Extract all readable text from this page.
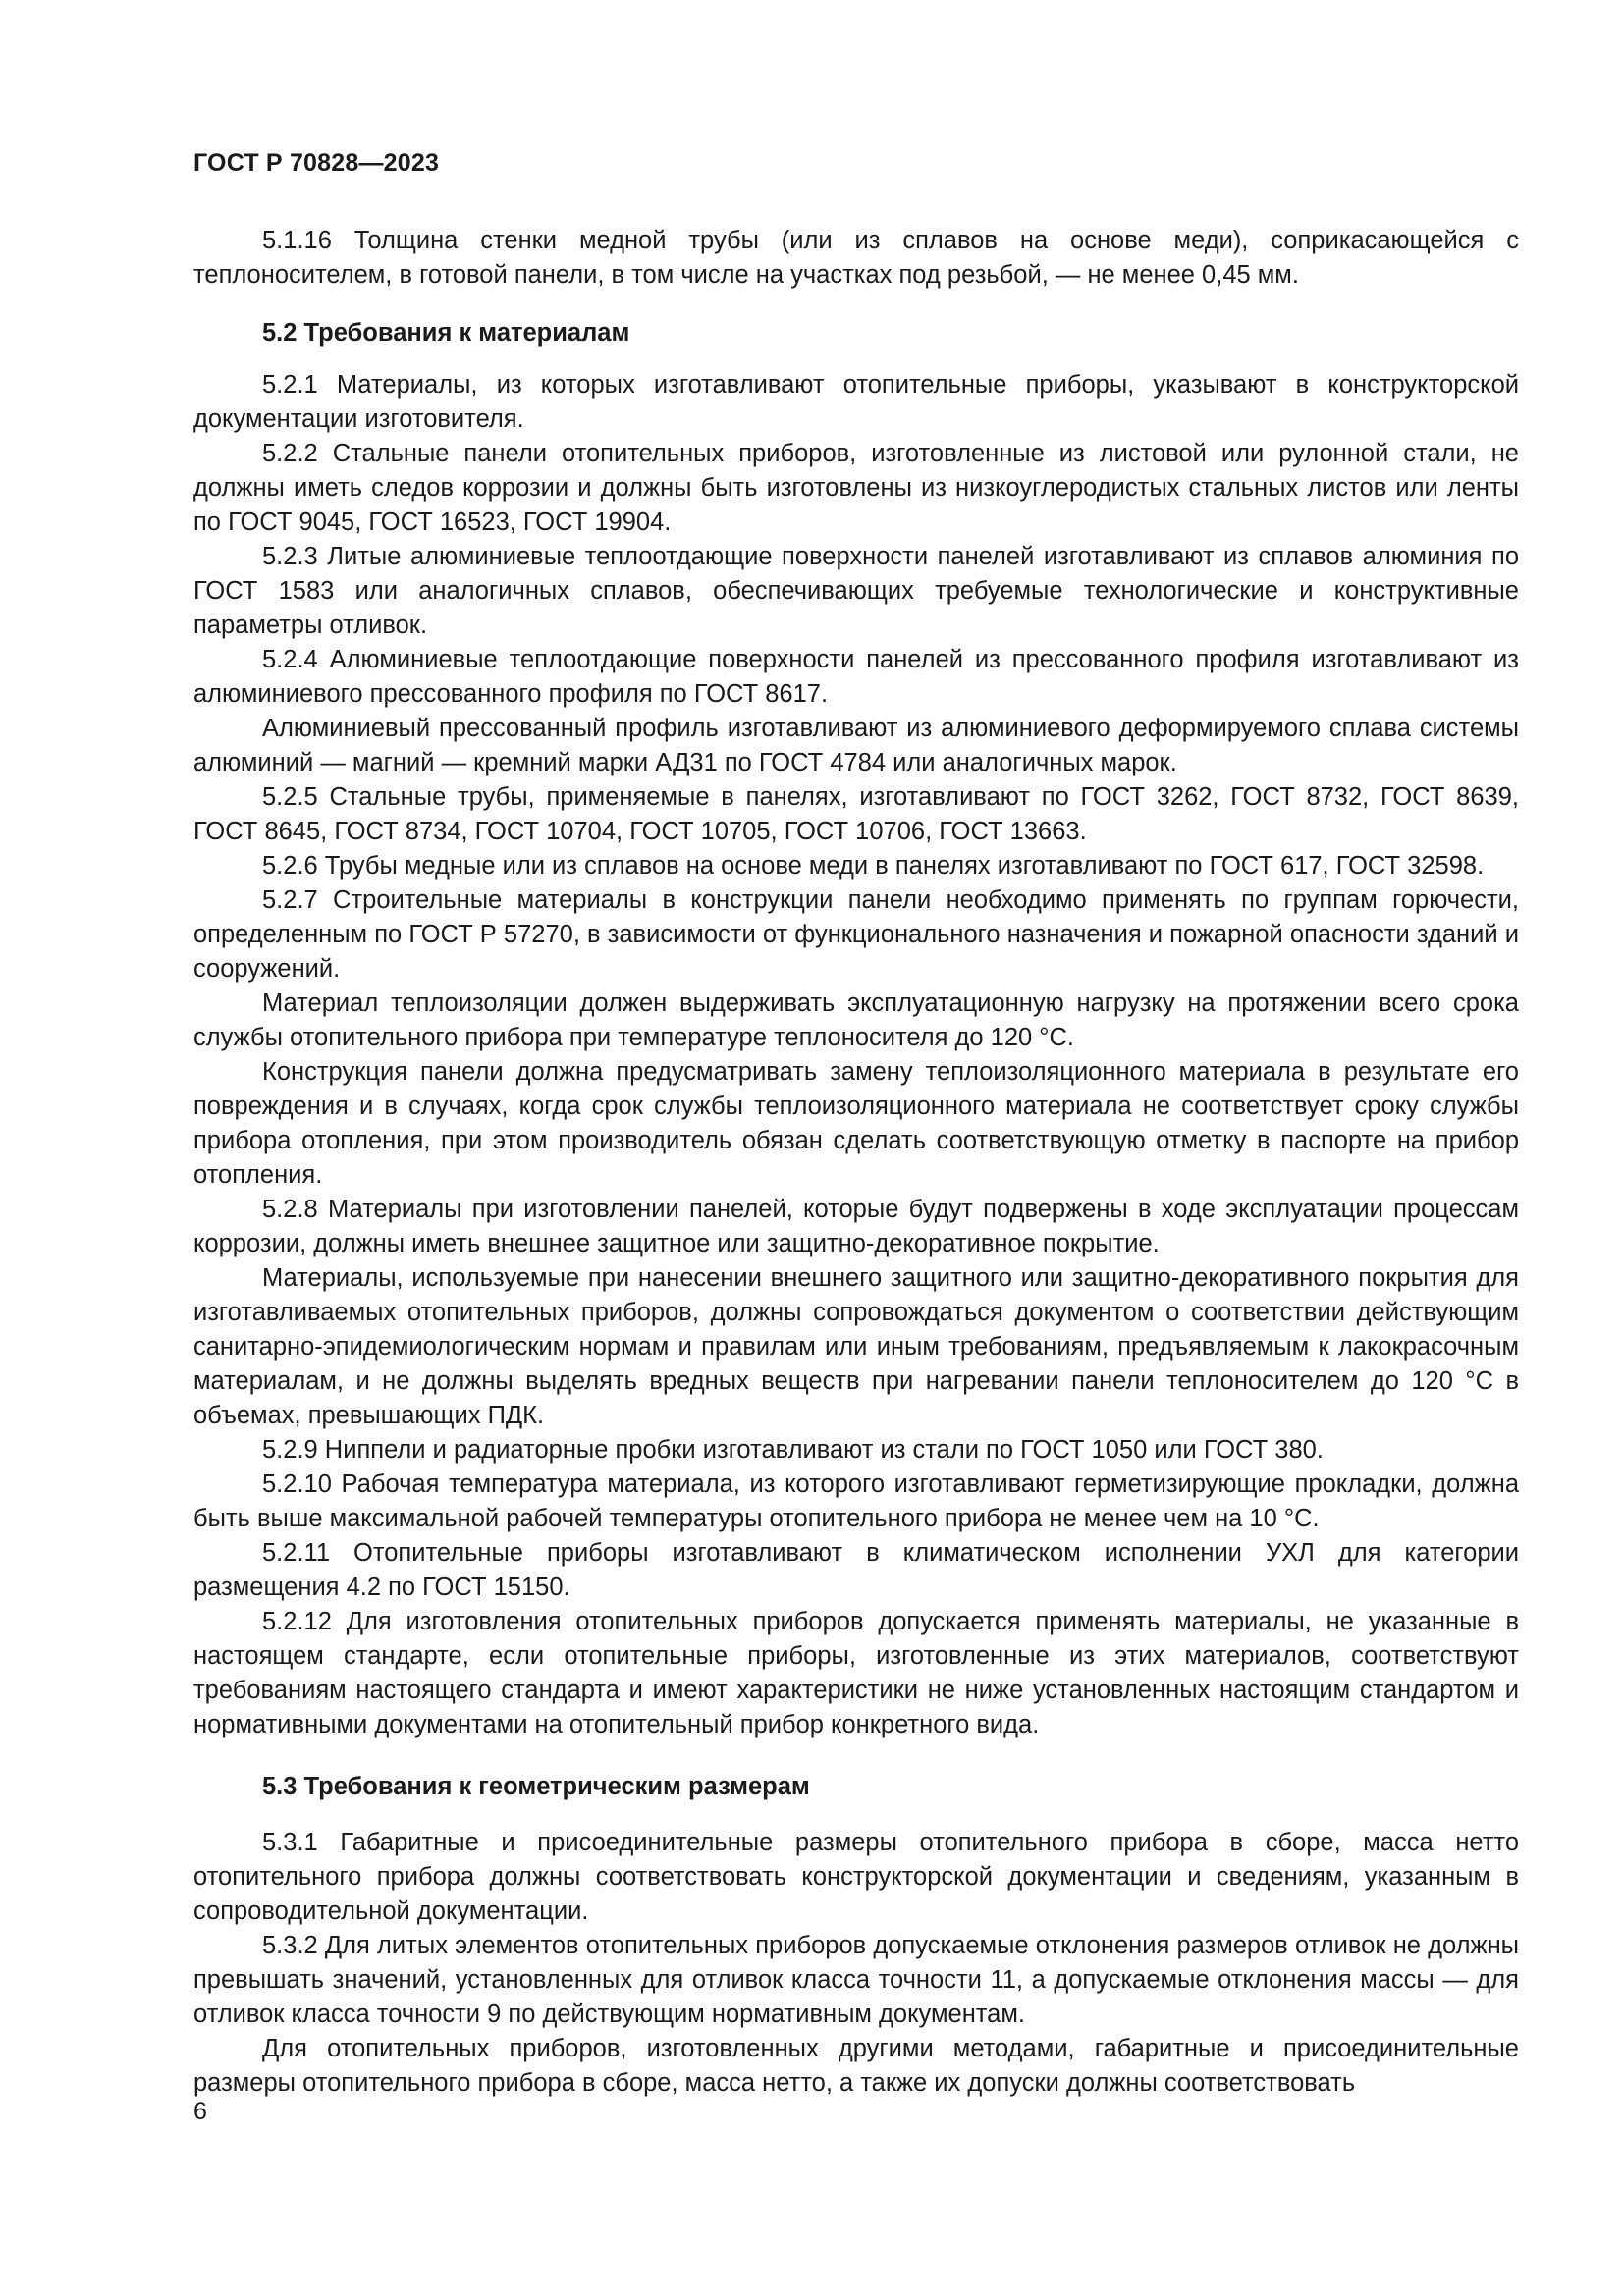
ГОСТ Р 70828—2023

5.1.16 Толщина стенки медной трубы (или из сплавов на основе меди), соприкасающейся с теплоносителем, в готовой панели, в том числе на участках под резьбой, — не менее 0,45 мм.

5.2 Требования к материалам

5.2.1 Материалы, из которых изготавливают отопительные приборы, указывают в конструкторской документации изготовителя.

5.2.2 Стальные панели отопительных приборов, изготовленные из листовой или рулонной стали, не должны иметь следов коррозии и должны быть изготовлены из низкоуглеродистых стальных листов или ленты по ГОСТ 9045, ГОСТ 16523, ГОСТ 19904.

5.2.3 Литые алюминиевые теплоотдающие поверхности панелей изготавливают из сплавов алюминия по ГОСТ 1583 или аналогичных сплавов, обеспечивающих требуемые технологические и конструктивные параметры отливок.

5.2.4 Алюминиевые теплоотдающие поверхности панелей из прессованного профиля изготавливают из алюминиевого прессованного профиля по ГОСТ 8617.

Алюминиевый прессованный профиль изготавливают из алюминиевого деформируемого сплава системы алюминий — магний — кремний марки АД31 по ГОСТ 4784 или аналогичных марок.

5.2.5 Стальные трубы, применяемые в панелях, изготавливают по ГОСТ 3262, ГОСТ 8732, ГОСТ 8639, ГОСТ 8645, ГОСТ 8734, ГОСТ 10704, ГОСТ 10705, ГОСТ 10706, ГОСТ 13663.

5.2.6 Трубы медные или из сплавов на основе меди в панелях изготавливают по ГОСТ 617, ГОСТ 32598.

5.2.7 Строительные материалы в конструкции панели необходимо применять по группам горючести, определенным по ГОСТ Р 57270, в зависимости от функционального назначения и пожарной опасности зданий и сооружений.

Материал теплоизоляции должен выдерживать эксплуатационную нагрузку на протяжении всего срока службы отопительного прибора при температуре теплоносителя до 120 °С.

Конструкция панели должна предусматривать замену теплоизоляционного материала в результате его повреждения и в случаях, когда срок службы теплоизоляционного материала не соответствует сроку службы прибора отопления, при этом производитель обязан сделать соответствующую отметку в паспорте на прибор отопления.

5.2.8 Материалы при изготовлении панелей, которые будут подвержены в ходе эксплуатации процессам коррозии, должны иметь внешнее защитное или защитно-декоративное покрытие.

Материалы, используемые при нанесении внешнего защитного или защитно-декоративного покрытия для изготавливаемых отопительных приборов, должны сопровождаться документом о соответствии действующим санитарно-эпидемиологическим нормам и правилам или иным требованиям, предъявляемым к лакокрасочным материалам, и не должны выделять вредных веществ при нагревании панели теплоносителем до 120 °С в объемах, превышающих ПДК.

5.2.9 Ниппели и радиаторные пробки изготавливают из стали по ГОСТ 1050 или ГОСТ 380.

5.2.10 Рабочая температура материала, из которого изготавливают герметизирующие прокладки, должна быть выше максимальной рабочей температуры отопительного прибора не менее чем на 10 °С.

5.2.11 Отопительные приборы изготавливают в климатическом исполнении УХЛ для категории размещения 4.2 по ГОСТ 15150.

5.2.12 Для изготовления отопительных приборов допускается применять материалы, не указанные в настоящем стандарте, если отопительные приборы, изготовленные из этих материалов, соответствуют требованиям настоящего стандарта и имеют характеристики не ниже установленных настоящим стандартом и нормативными документами на отопительный прибор конкретного вида.

5.3 Требования к геометрическим размерам

5.3.1 Габаритные и присоединительные размеры отопительного прибора в сборе, масса нетто отопительного прибора должны соответствовать конструкторской документации и сведениям, указанным в сопроводительной документации.

5.3.2 Для литых элементов отопительных приборов допускаемые отклонения размеров отливок не должны превышать значений, установленных для отливок класса точности 11, а допускаемые отклонения массы — для отливок класса точности 9 по действующим нормативным документам.

Для отопительных приборов, изготовленных другими методами, габаритные и присоединительные размеры отопительного прибора в сборе, масса нетто, а также их допуски должны соответствовать

6
